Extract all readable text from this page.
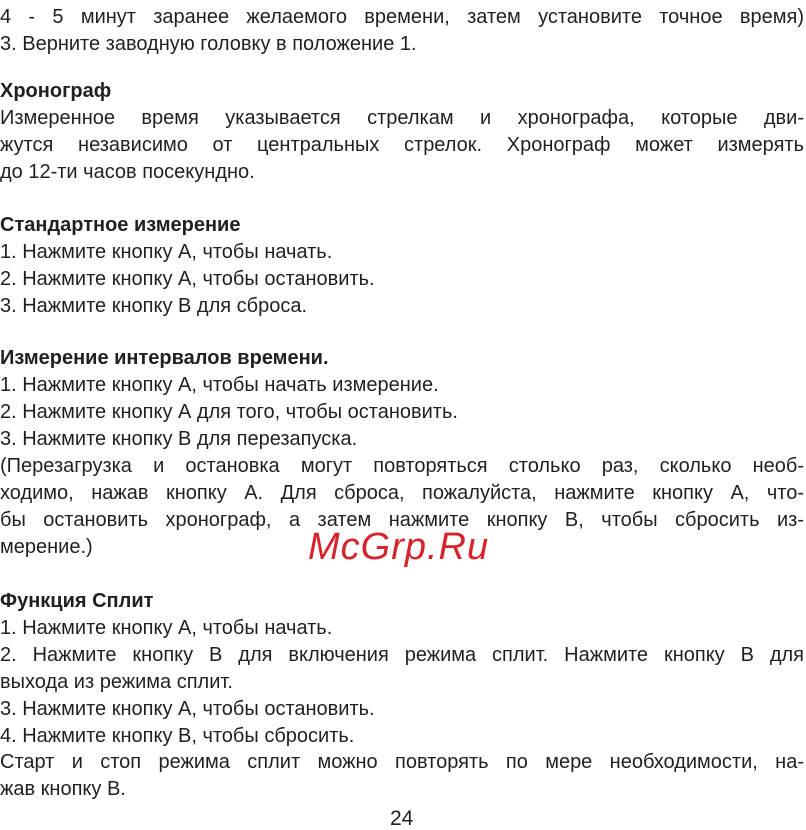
4 - 5 минут заранее желаемого времени, затем установите точное время)
3. Верните заводную головку в положение 1.
Хронограф
Измеренное время указывается стрелкам и хронографа, которые дви-
жутся независимо от центральных стрелок. Хронограф может измерять
до 12-ти часов посекундно.
Стандартное измерение
1. Нажмите кнопку А, чтобы начать.
2. Нажмите кнопку А, чтобы остановить.
3. Нажмите кнопку В для сброса.
Измерение интервалов времени.
1. Нажмите кнопку А, чтобы начать измерение.
2. Нажмите кнопку А для того, чтобы остановить.
3. Нажмите кнопку В для перезапуска.
(Перезагрузка и остановка могут повторяться столько раз, сколько необ-
ходимо, нажав кнопку А. Для сброса, пожалуйста, нажмите кнопку А, что-
бы остановить хронограф, а затем нажмите кнопку В, чтобы сбросить из-
мерение.)
Функция Сплит
1. Нажмите кнопку А, чтобы начать.
2. Нажмите кнопку В для включения режима сплит. Нажмите кнопку В для
выхода из режима сплит.
3. Нажмите кнопку А, чтобы остановить.
4. Нажмите кнопку В, чтобы сбросить.
Старт и стоп режима сплит можно повторять по мере необходимости, на-
жав кнопку В.
McGrp.Ru
24
